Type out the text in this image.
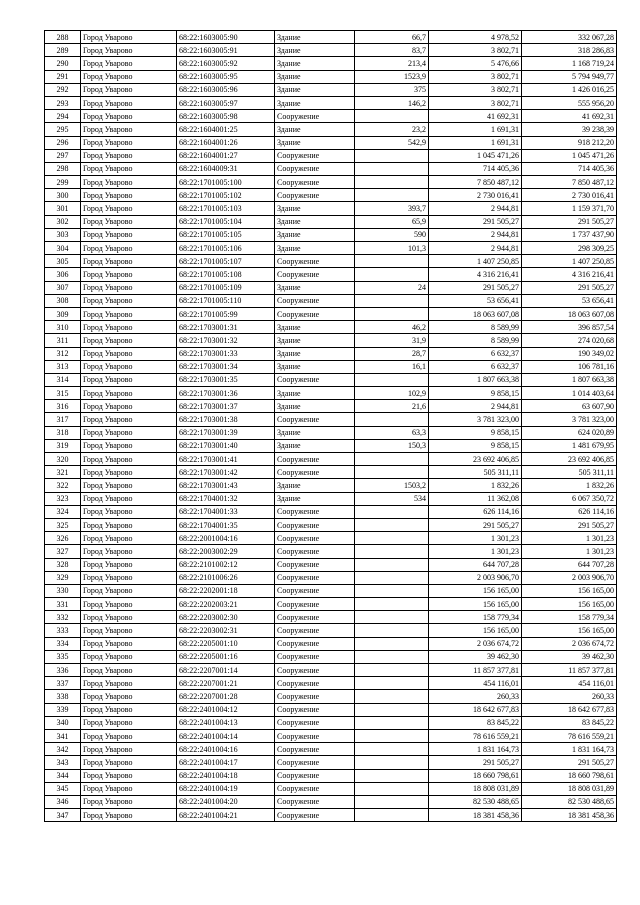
288	Город Уварово	68:22:1603005:90	Здание	66,7	4 978,52	332 067,28
289	Город Уварово	68:22:1603005:91	Здание	83,7	3 802,71	318 286,83
290	Город Уварово	68:22:1603005:92	Здание	213,4	5 476,66	1 168 719,24
291	Город Уварово	68:22:1603005:95	Здание	1523,9	3 802,71	5 794 949,77
292	Город Уварово	68:22:1603005:96	Здание	375	3 802,71	1 426 016,25
293	Город Уварово	68:22:1603005:97	Здание	146,2	3 802,71	555 956,20
294	Город Уварово	68:22:1603005:98	Сооружение		41 692,31	41 692,31
295	Город Уварово	68:22:1604001:25	Здание	23,2	1 691,31	39 238,39
296	Город Уварово	68:22:1604001:26	Здание	542,9	1 691,31	918 212,20
297	Город Уварово	68:22:1604001:27	Сооружение		1 045 471,26	1 045 471,26
298	Город Уварово	68:22:1604009:31	Сооружение		714 405,36	714 405,36
299	Город Уварово	68:22:1701005:100	Сооружение		7 850 487,12	7 850 487,12
300	Город Уварово	68:22:1701005:102	Сооружение		2 730 016,41	2 730 016,41
301	Город Уварово	68:22:1701005:103	Здание	393,7	2 944,81	1 159 371,70
302	Город Уварово	68:22:1701005:104	Здание	65,9	291 505,27	291 505,27
303	Город Уварово	68:22:1701005:105	Здание	590	2 944,81	1 737 437,90
304	Город Уварово	68:22:1701005:106	Здание	101,3	2 944,81	298 309,25
305	Город Уварово	68:22:1701005:107	Сооружение		1 407 250,85	1 407 250,85
306	Город Уварово	68:22:1701005:108	Сооружение		4 316 216,41	4 316 216,41
307	Город Уварово	68:22:1701005:109	Здание	24	291 505,27	291 505,27
308	Город Уварово	68:22:1701005:110	Сооружение		53 656,41	53 656,41
309	Город Уварово	68:22:1701005:99	Сооружение		18 063 607,08	18 063 607,08
310	Город Уварово	68:22:1703001:31	Здание	46,2	8 589,99	396 857,54
311	Город Уварово	68:22:1703001:32	Здание	31,9	8 589,99	274 020,68
312	Город Уварово	68:22:1703001:33	Здание	28,7	6 632,37	190 349,02
313	Город Уварово	68:22:1703001:34	Здание	16,1	6 632,37	106 781,16
314	Город Уварово	68:22:1703001:35	Сооружение		1 807 663,38	1 807 663,38
315	Город Уварово	68:22:1703001:36	Здание	102,9	9 858,15	1 014 403,64
316	Город Уварово	68:22:1703001:37	Здание	21,6	2 944,81	63 607,90
317	Город Уварово	68:22:1703001:38	Сооружение		3 781 323,00	3 781 323,00
318	Город Уварово	68:22:1703001:39	Здание	63,3	9 858,15	624 020,89
319	Город Уварово	68:22:1703001:40	Здание	150,3	9 858,15	1 481 679,95
320	Город Уварово	68:22:1703001:41	Сооружение		23 692 406,85	23 692 406,85
321	Город Уварово	68:22:1703001:42	Сооружение		505 311,11	505 311,11
322	Город Уварово	68:22:1703001:43	Здание	1503,2	1 832,26	1 832,26
323	Город Уварово	68:22:1704001:32	Здание	534	11 362,08	6 067 350,72
324	Город Уварово	68:22:1704001:33	Сооружение		626 114,16	626 114,16
325	Город Уварово	68:22:1704001:35	Сооружение		291 505,27	291 505,27
326	Город Уварово	68:22:2001004:16	Сооружение		1 301,23	1 301,23
327	Город Уварово	68:22:2003002:29	Сооружение		1 301,23	1 301,23
328	Город Уварово	68:22:2101002:12	Сооружение		644 707,28	644 707,28
329	Город Уварово	68:22:2101006:26	Сооружение		2 003 906,70	2 003 906,70
330	Город Уварово	68:22:2202001:18	Сооружение		156 165,00	156 165,00
331	Город Уварово	68:22:2202003:21	Сооружение		156 165,00	156 165,00
332	Город Уварово	68:22:2203002:30	Сооружение		158 779,34	158 779,34
333	Город Уварово	68:22:2203002:31	Сооружение		156 165,00	156 165,00
334	Город Уварово	68:22:2205001:10	Сооружение		2 036 674,72	2 036 674,72
335	Город Уварово	68:22:2205001:16	Сооружение		39 462,30	39 462,30
336	Город Уварово	68:22:2207001:14	Сооружение		11 857 377,81	11 857 377,81
337	Город Уварово	68:22:2207001:21	Сооружение		454 116,01	454 116,01
338	Город Уварово	68:22:2207001:28	Сооружение		260,33	260,33
339	Город Уварово	68:22:2401004:12	Сооружение		18 642 677,83	18 642 677,83
340	Город Уварово	68:22:2401004:13	Сооружение		83 845,22	83 845,22
341	Город Уварово	68:22:2401004:14	Сооружение		78 616 559,21	78 616 559,21
342	Город Уварово	68:22:2401004:16	Сооружение		1 831 164,73	1 831 164,73
343	Город Уварово	68:22:2401004:17	Сооружение		291 505,27	291 505,27
344	Город Уварово	68:22:2401004:18	Сооружение		18 660 798,61	18 660 798,61
345	Город Уварово	68:22:2401004:19	Сооружение		18 808 031,89	18 808 031,89
346	Город Уварово	68:22:2401004:20	Сооружение		82 530 488,65	82 530 488,65
347	Город Уварово	68:22:2401004:21	Сооружение		18 381 458,36	18 381 458,36
